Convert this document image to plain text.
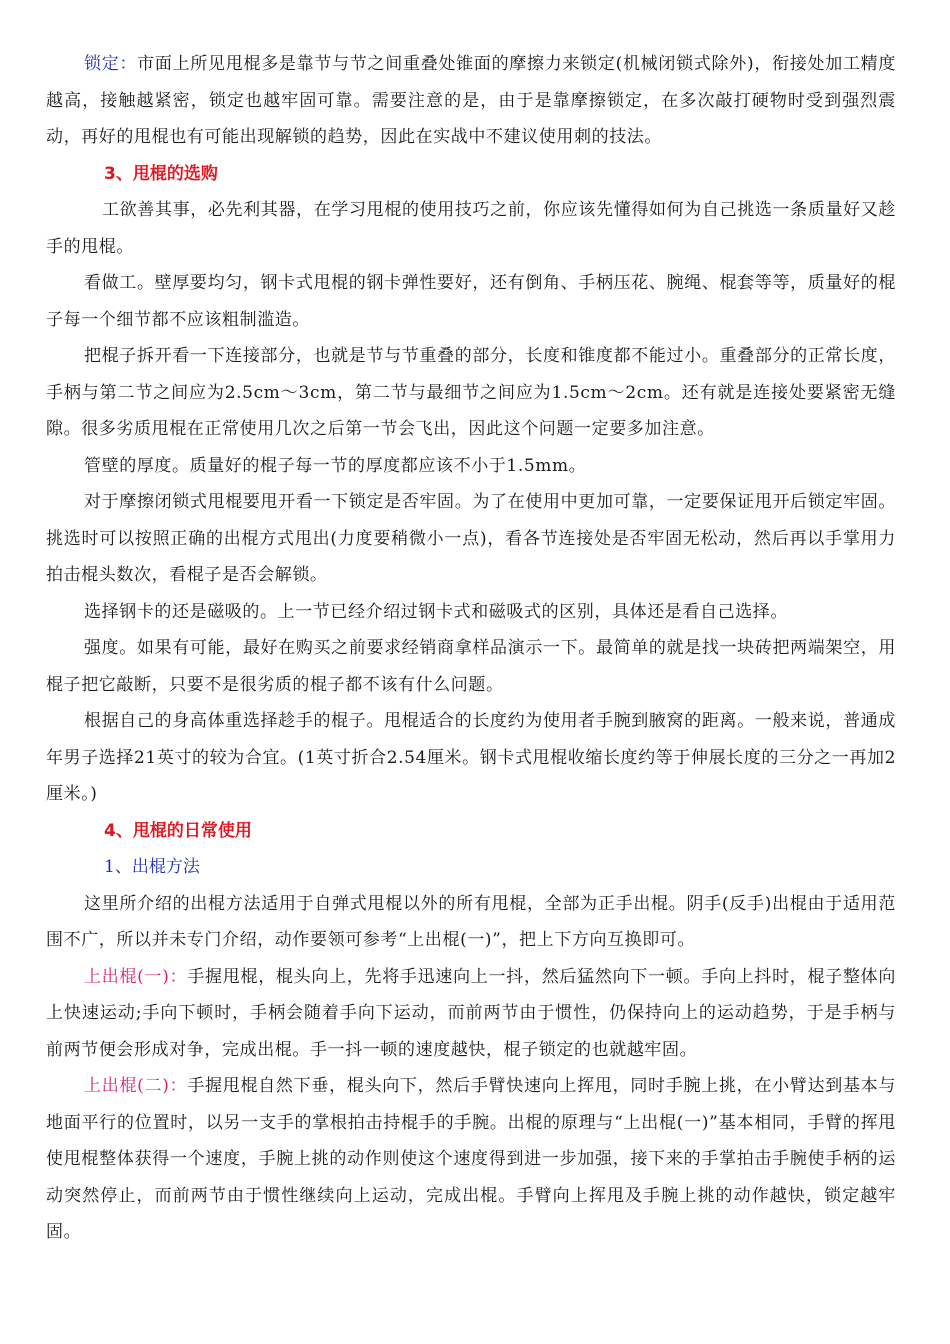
锁定：市面上所见甩棍多是靠节与节之间重叠处锥面的摩擦力来锁定(机械闭锁式除外)，衔接处加工精度越高，接触越紧密，锁定也越牢固可靠。需要注意的是，由于是靠摩擦锁定，在多次敲打硬物时受到强烈震动，再好的甩棍也有可能出现解锁的趋势，因此在实战中不建议使用刺的技法。

3、甩棍的选购

工欲善其事，必先利其器，在学习甩棍的使用技巧之前，你应该先懂得如何为自己挑选一条质量好又趁手的甩棍。

看做工。壁厚要均匀，钢卡式甩棍的钢卡弹性要好，还有倒角、手柄压花、腕绳、棍套等等，质量好的棍子每一个细节都不应该粗制滥造。

把棍子拆开看一下连接部分，也就是节与节重叠的部分，长度和锥度都不能过小。重叠部分的正常长度，手柄与第二节之间应为2.5cm～3cm，第二节与最细节之间应为1.5cm～2cm。还有就是连接处要紧密无缝隙。很多劣质甩棍在正常使用几次之后第一节会飞出，因此这个问题一定要多加注意。

管壁的厚度。质量好的棍子每一节的厚度都应该不小于1.5mm。

对于摩擦闭锁式甩棍要甩开看一下锁定是否牢固。为了在使用中更加可靠，一定要保证甩开后锁定牢固。挑选时可以按照正确的出棍方式甩出(力度要稍微小一点)，看各节连接处是否牢固无松动，然后再以手掌用力拍击棍头数次，看棍子是否会解锁。

选择钢卡的还是磁吸的。上一节已经介绍过钢卡式和磁吸式的区别，具体还是看自己选择。

强度。如果有可能，最好在购买之前要求经销商拿样品演示一下。最简单的就是找一块砖把两端架空，用棍子把它敲断，只要不是很劣质的棍子都不该有什么问题。

根据自己的身高体重选择趁手的棍子。甩棍适合的长度约为使用者手腕到腋窝的距离。一般来说，普通成年男子选择21英寸的较为合宜。(1英寸折合2.54厘米。钢卡式甩棍收缩长度约等于伸展长度的三分之一再加2厘米。)

4、甩棍的日常使用
1、出棍方法

这里所介绍的出棍方法适用于自弹式甩棍以外的所有甩棍，全部为正手出棍。阴手(反手)出棍由于适用范围不广，所以并未专门介绍，动作要领可参考“上出棍(一)”，把上下方向互换即可。

上出棍(一)：手握甩棍，棍头向上，先将手迅速向上一抖，然后猛然向下一顿。手向上抖时，棍子整体向上快速运动;手向下顿时，手柄会随着手向下运动，而前两节由于惯性，仍保持向上的运动趋势，于是手柄与前两节便会形成对争，完成出棍。手一抖一顿的速度越快，棍子锁定的也就越牢固。

上出棍(二)：手握甩棍自然下垂，棍头向下，然后手臂快速向上挥甩，同时手腕上挑，在小臂达到基本与地面平行的位置时，以另一支手的掌根拍击持棍手的手腕。出棍的原理与“上出棍(一)”基本相同，手臂的挥甩使甩棍整体获得一个速度，手腕上挑的动作则使这个速度得到进一步加强，接下来的手掌拍击手腕使手柄的运动突然停止，而前两节由于惯性继续向上运动，完成出棍。手臂向上挥甩及手腕上挑的动作越快，锁定越牢固。
